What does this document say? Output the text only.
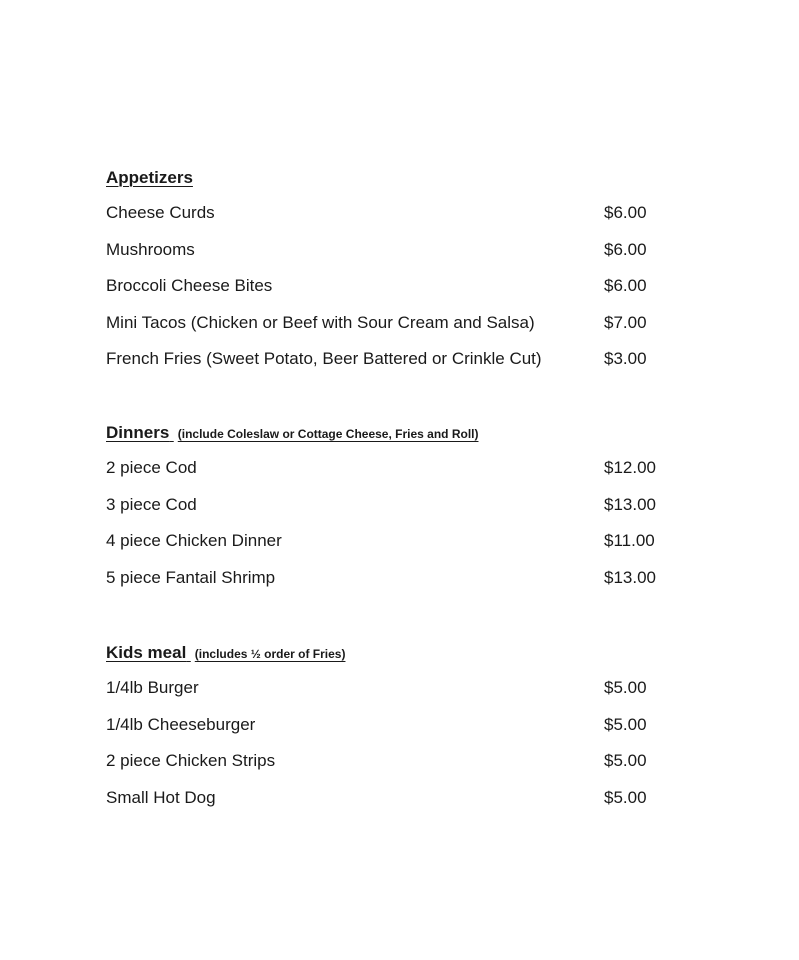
Appetizers
Cheese Curds	$6.00
Mushrooms	$6.00
Broccoli Cheese Bites	$6.00
Mini Tacos (Chicken or Beef with Sour Cream and Salsa)	$7.00
French Fries (Sweet Potato, Beer Battered or Crinkle Cut)	$3.00
Dinners (include Coleslaw or Cottage Cheese, Fries and Roll)
2 piece Cod	$12.00
3 piece Cod	$13.00
4 piece Chicken Dinner	$11.00
5 piece Fantail Shrimp	$13.00
Kids meal (includes ½ order of Fries)
1/4lb Burger	$5.00
1/4lb Cheeseburger	$5.00
2 piece Chicken Strips	$5.00
Small Hot Dog	$5.00
